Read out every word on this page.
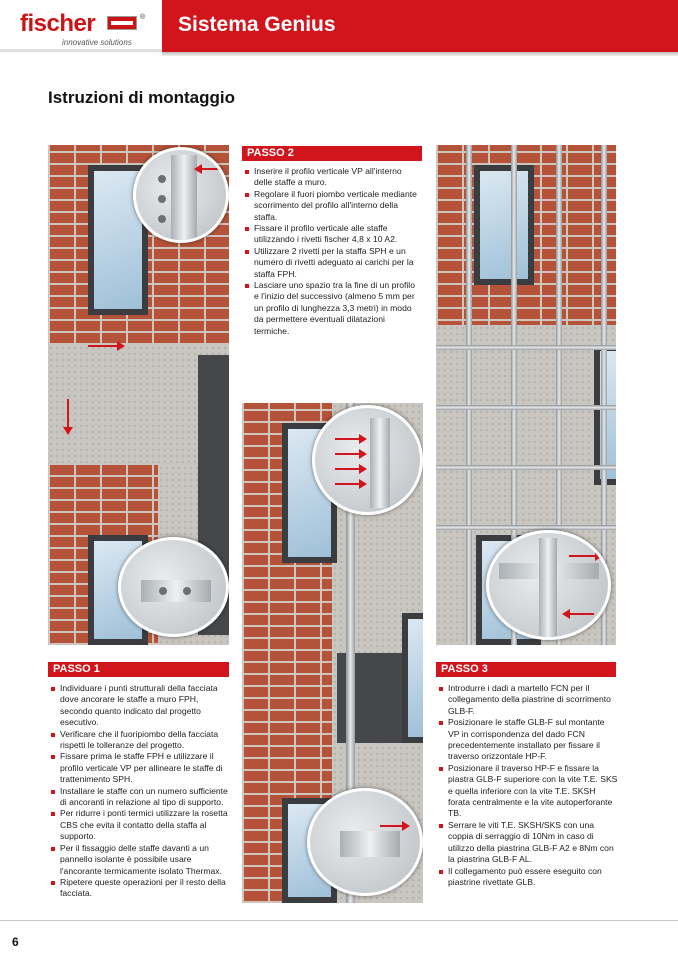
fischer	®
innovative solutions
Sistema Genius
Istruzioni di montaggio
PASSO 2
Inserire il profilo verticale VP all'interno delle staffe a muro.
Regolare il fuori piombo verticale mediante scorrimento del profilo all'interno della staffa.
Fissare il profilo verticale alle staffe utilizzando i rivetti fischer 4,8 x 10 A2.
Utilizzare 2 rivetti per la staffa SPH e un numero di rivetti adeguato ai carichi per la staffa FPH.
Lasciare uno spazio tra la fine di un profilo e l'inizio del successivo (almeno 5 mm per un profilo di lunghezza 3,3 metri) in modo da permettere eventuali dilatazioni termiche.
PASSO 1
Individuare i punti strutturali della facciata dove ancorare le staffe a muro FPH, secondo quanto indicato dal progetto esecutivo.
Verificare che il fuoripiombo della facciata rispetti le tolleranze del progetto.
Fissare prima le staffe FPH e utilizzare il profilo verticale VP per allineare le staffe di trattenimento SPH.
Installare le staffe con un numero sufficiente di ancoranti in relazione al tipo di supporto.
Per ridurre i ponti termici utilizzare la rosetta CBS che evita il contatto della staffa al supporto.
Per il fissaggio delle staffe davanti a un pannello isolante è possibile usare l'ancorante termicamente isolato Thermax.
Ripetere queste operazioni per il resto della facciata.
PASSO 3
Introdurre i dadi a martello FCN per il collegamento della piastrine di scorrimento GLB-F.
Posizionare le staffe GLB-F sul montante VP in corrispondenza del dado FCN precedentemente installato per fissare il traverso orizzontale HP-F.
Posizionare il traverso HP-F e fissare la piastra GLB-F superiore con la vite T.E. SKS e quella inferiore con la vite T.E. SKSH forata centralmente e la vite autoperforante TB.
Serrare le viti T.E. SKSH/SKS con una coppia di serraggio di 10Nm in caso di utilizzo della piastrina GLB-F A2 e 8Nm con la piastrina GLB-F AL.
Il collegamento può essere eseguito con piastrine rivettate GLB.
6
